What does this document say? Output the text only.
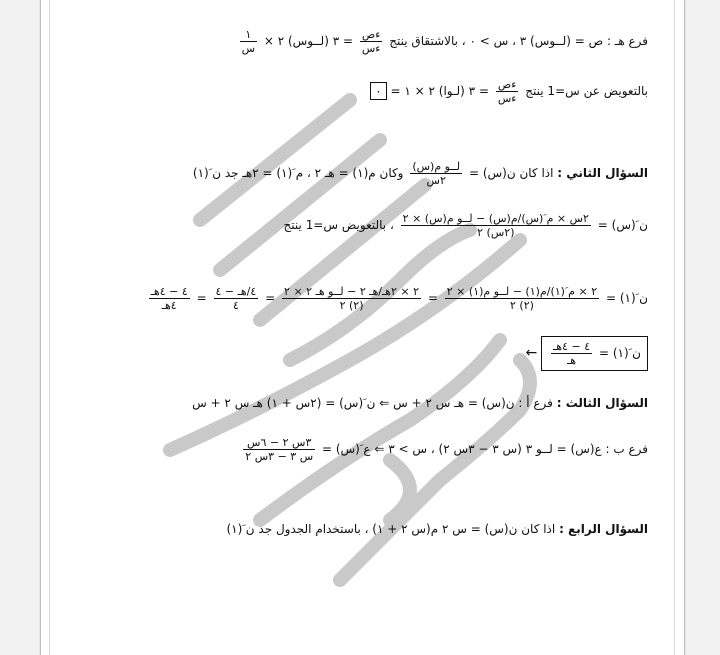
فرع هـ : ص = (لــوس) ٣ ، س > ٠ ، بالاشتقاق ينتج
$\frac{\text{ءص}}{\text{ءس}}$
= ٣ (لــوس) ٢ ×
$\frac{١}{\text{س}}$
بالتعويض عن س=1 ينتج
$\frac{\text{ءص}}{\text{ءس}}$
= ٣ (لـوا) ٢ × ١ = ٠
السؤال الثاني : اذا كان ن(س) =
$\frac{\text{لــو م(س)}}{\text{٢س}}$
وكان م(١) = هـ ٢ ، م َ(١) = ٢هـ جد ن َ(١)
ن َ(س) =
$\frac{\text{٢س × م َ(س)/م(س) − لــو م(س) × ٢}}{\text{(٢س) ٢}}$
، بالتعويض س=1 ينتج
ن َ(١) =
$\frac{\text{٢ × م َ(١)/م(١) − لــو م(١) × ٢}}{(٢) ٢}$
=
$\frac{\text{٢ × ٢هـ/هـ ٢ − لــو هـ ٢ × ٢}}{(٢) ٢}$
=
$\frac{\text{٤/هـ − ٤}}{٤}$
=
$\frac{\text{٤ − ٤هـ}}{\text{٤هـ}}$
←	ن َ(١) =
$\frac{\text{٤ − ٤هـ}}{\text{هـ}}$
السؤال الثالث : فرع أ : ن(س) = هـ س ٢ + س ⇐ ن َ(س) = (٢س + ١) هـ س ٢ + س
فرع ب : ع(س) = لــو ٣ (س ٣ − ٣س ٢) ، س > ٣ ⇐ ع َ(س) =
$\frac{\text{٣س ٢ − ٦س}}{\text{س ٣ − ٣س ٢}}$
السؤال الرابع : اذا كان ن(س) = س ٢ م(س ٢ + ١) ، باستخدام الجدول جد ن َ(١)
